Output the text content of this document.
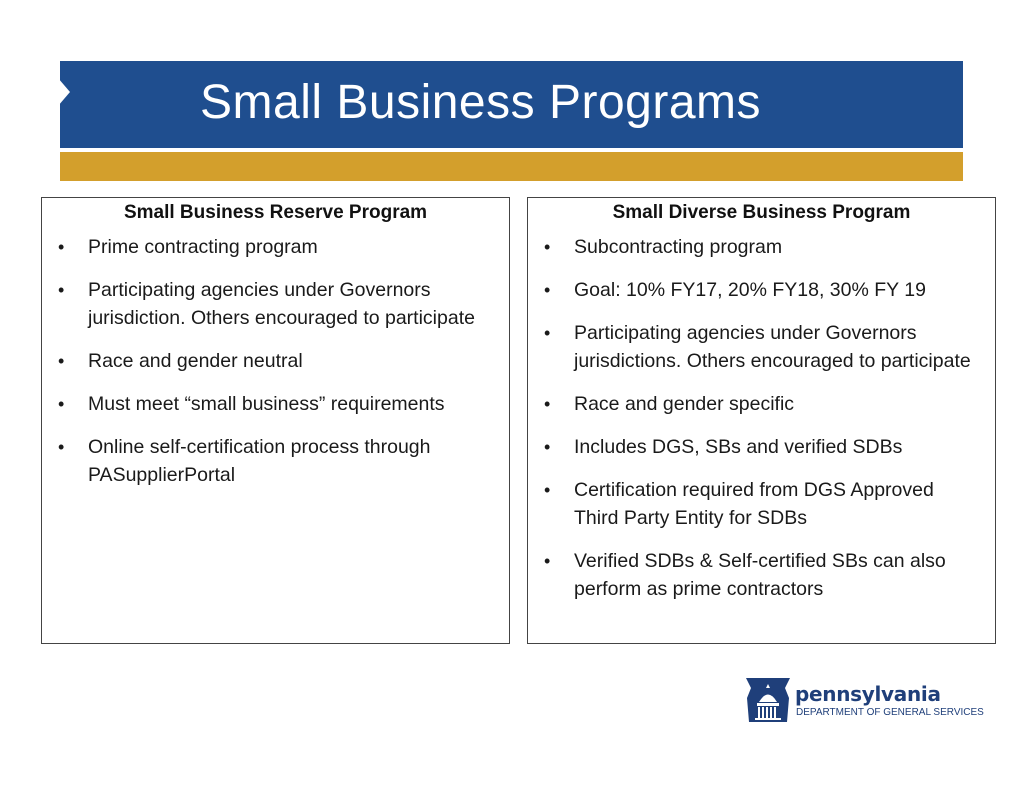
Small Business Programs
Small Business Reserve Program
• Prime contracting program
• Participating agencies under Governors jurisdiction. Others encouraged to participate
• Race and gender neutral
• Must meet “small business” requirements
• Online self-certification process through PASupplierPortal
Small Diverse Business Program
• Subcontracting program
• Goal: 10% FY17, 20% FY18, 30% FY 19
• Participating agencies under Governors jurisdictions. Others encouraged to participate
• Race and gender specific
• Includes DGS, SBs and verified SDBs
• Certification required from DGS Approved Third Party Entity for SDBs
• Verified SDBs & Self-certified SBs can also perform as prime contractors
pennsylvania
DEPARTMENT OF GENERAL SERVICES
